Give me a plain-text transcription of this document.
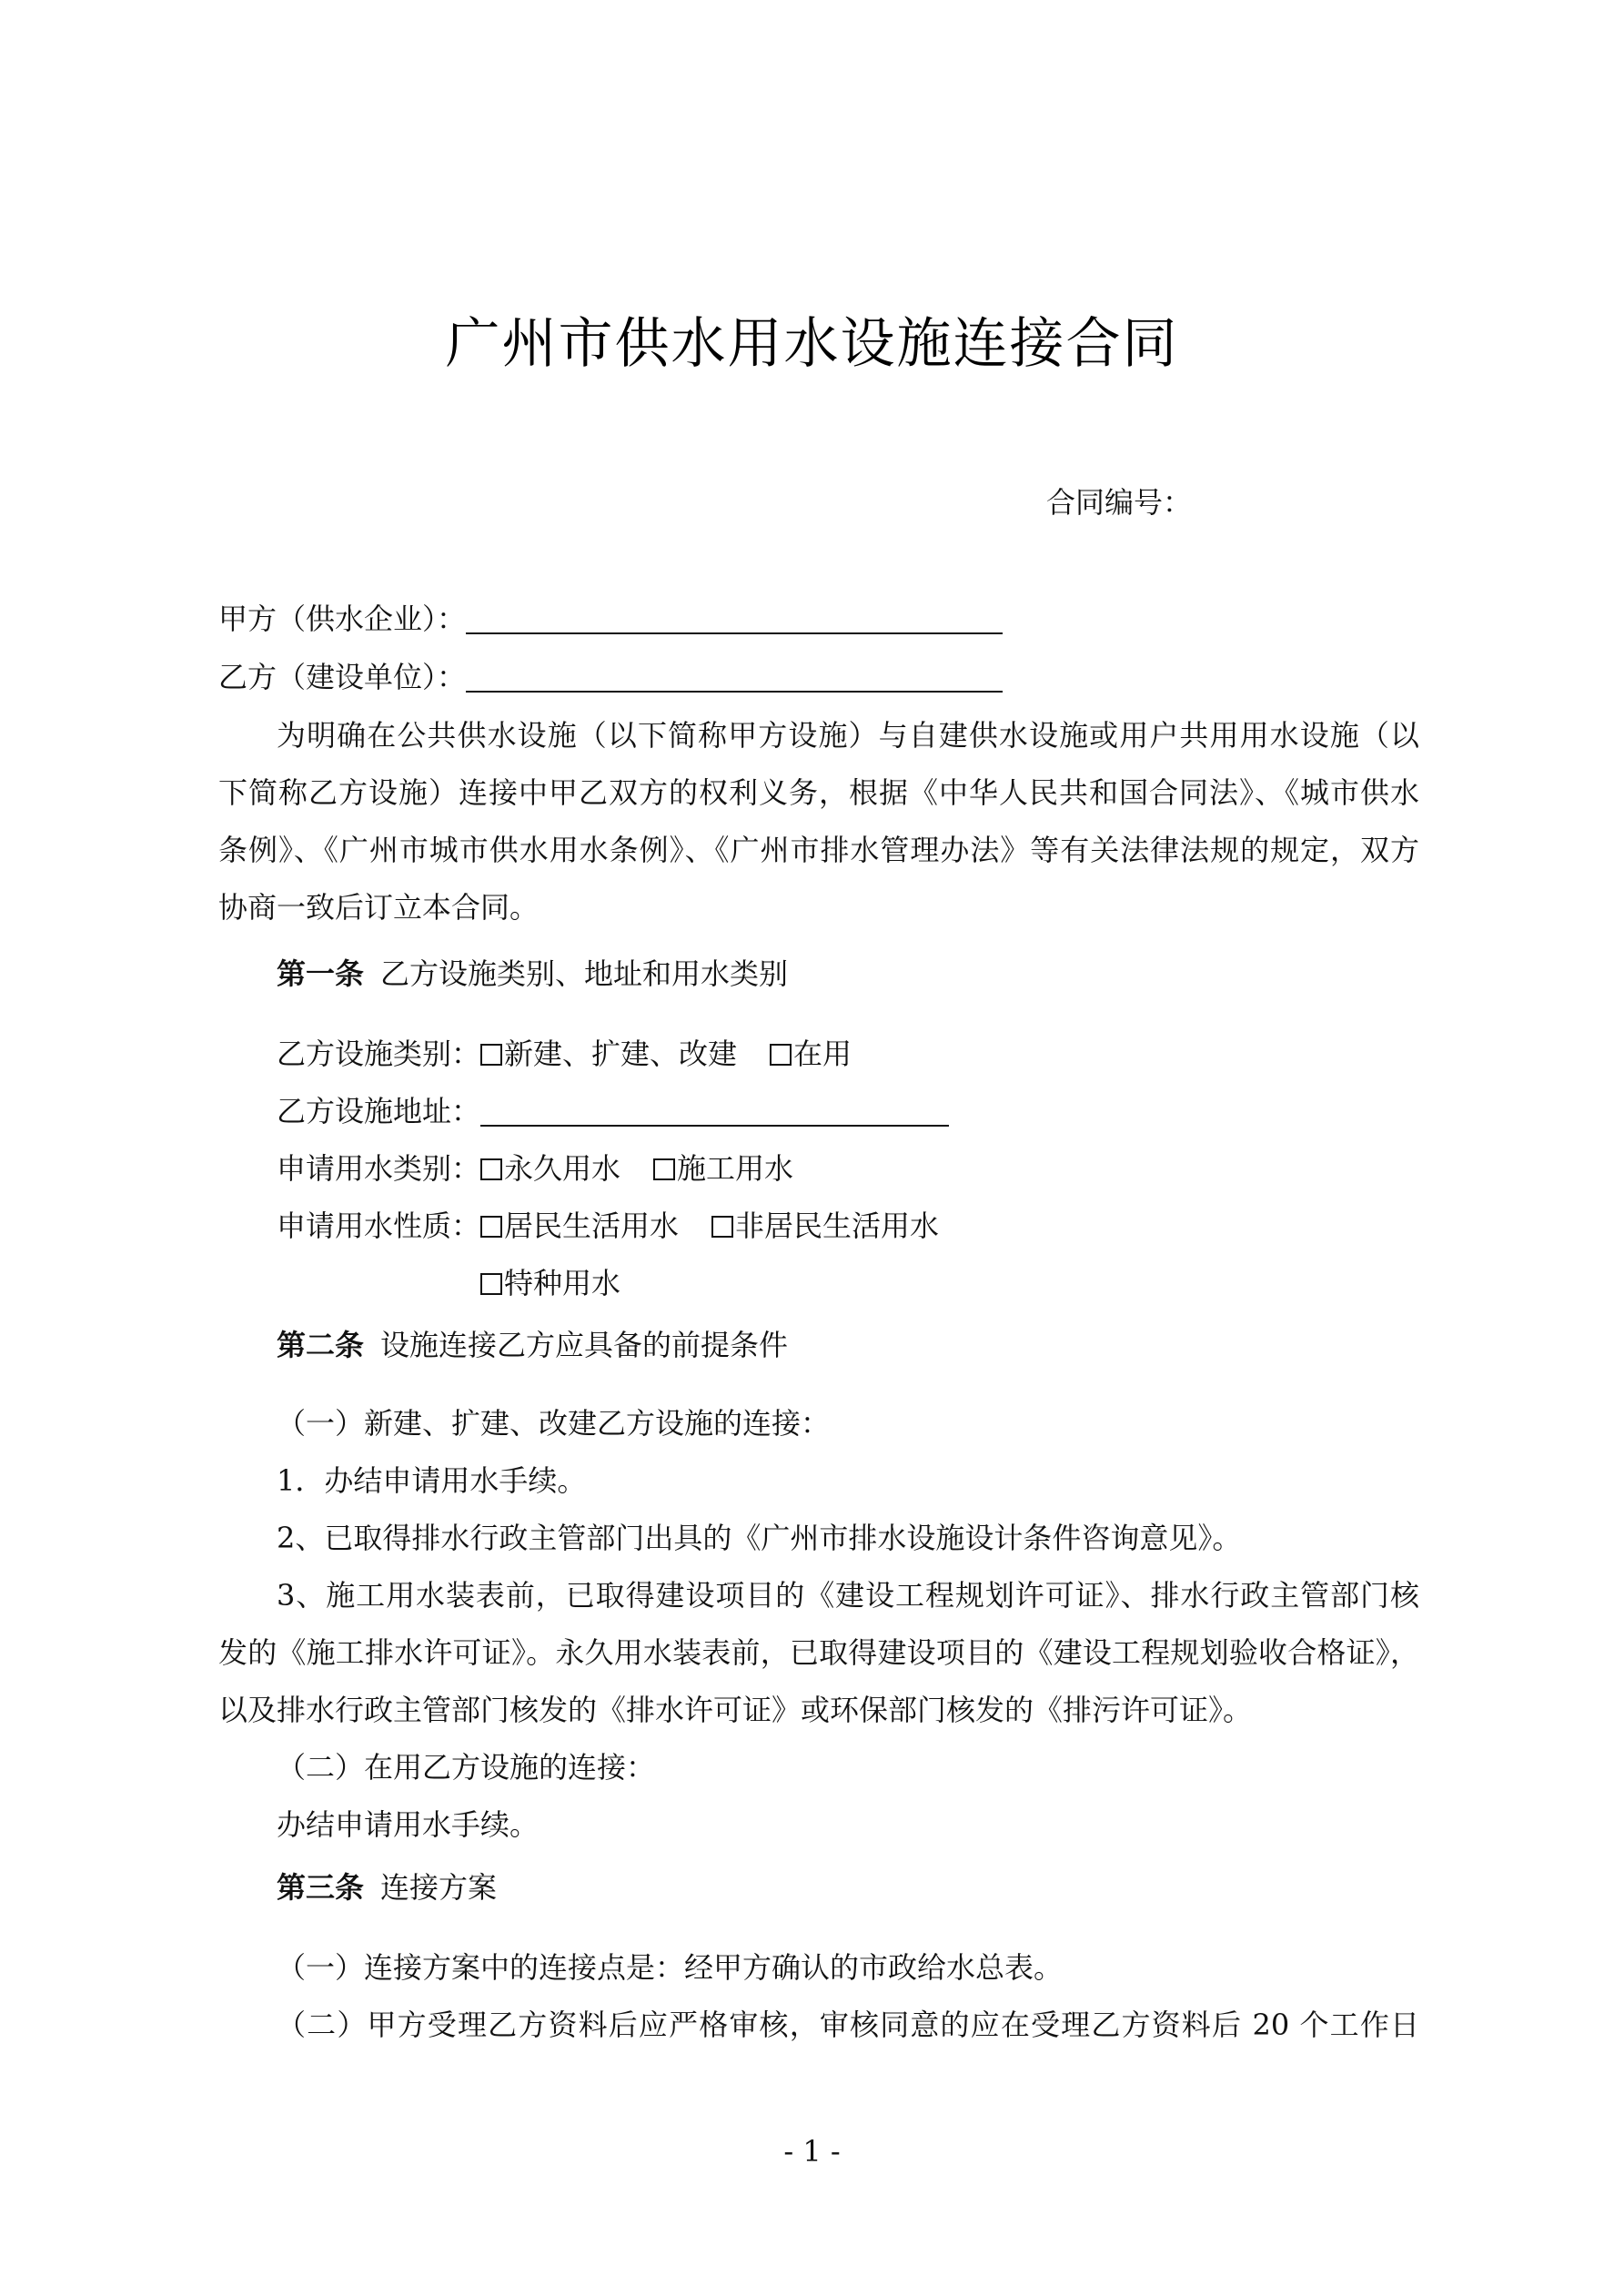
广州市供水用水设施连接合同
合同编号：
甲方（供水企业）：
乙方（建设单位）：
为明确在公共供水设施（以下简称甲方设施）与自建供水设施或用户共用用水设施（以
下简称乙方设施）连接中甲乙双方的权利义务，根据《中华人民共和国合同法》、《城市供水
条例》、《广州市城市供水用水条例》、《广州市排水管理办法》等有关法律法规的规定，双方
协商一致后订立本合同。
第一条 乙方设施类别、地址和用水类别
乙方设施类别： 新建、扩建、改建 在用
乙方设施地址：
申请用水类别： 永久用水 施工用水
申请用水性质： 居民生活用水 非居民生活用水
特种用水
第二条 设施连接乙方应具备的前提条件
（一）新建、扩建、改建乙方设施的连接：
1．办结申请用水手续。
2、已取得排水行政主管部门出具的《广州市排水设施设计条件咨询意见》。
3、施工用水装表前，已取得建设项目的《建设工程规划许可证》、排水行政主管部门核
发的《施工排水许可证》。永久用水装表前，已取得建设项目的《建设工程规划验收合格证》，
以及排水行政主管部门核发的《排水许可证》或环保部门核发的《排污许可证》。
（二）在用乙方设施的连接：
办结申请用水手续。
第三条 连接方案
（一）连接方案中的连接点是：经甲方确认的市政给水总表。
（二）甲方受理乙方资料后应严格审核，审核同意的应在受理乙方资料后 20 个工作日
- 1 -
